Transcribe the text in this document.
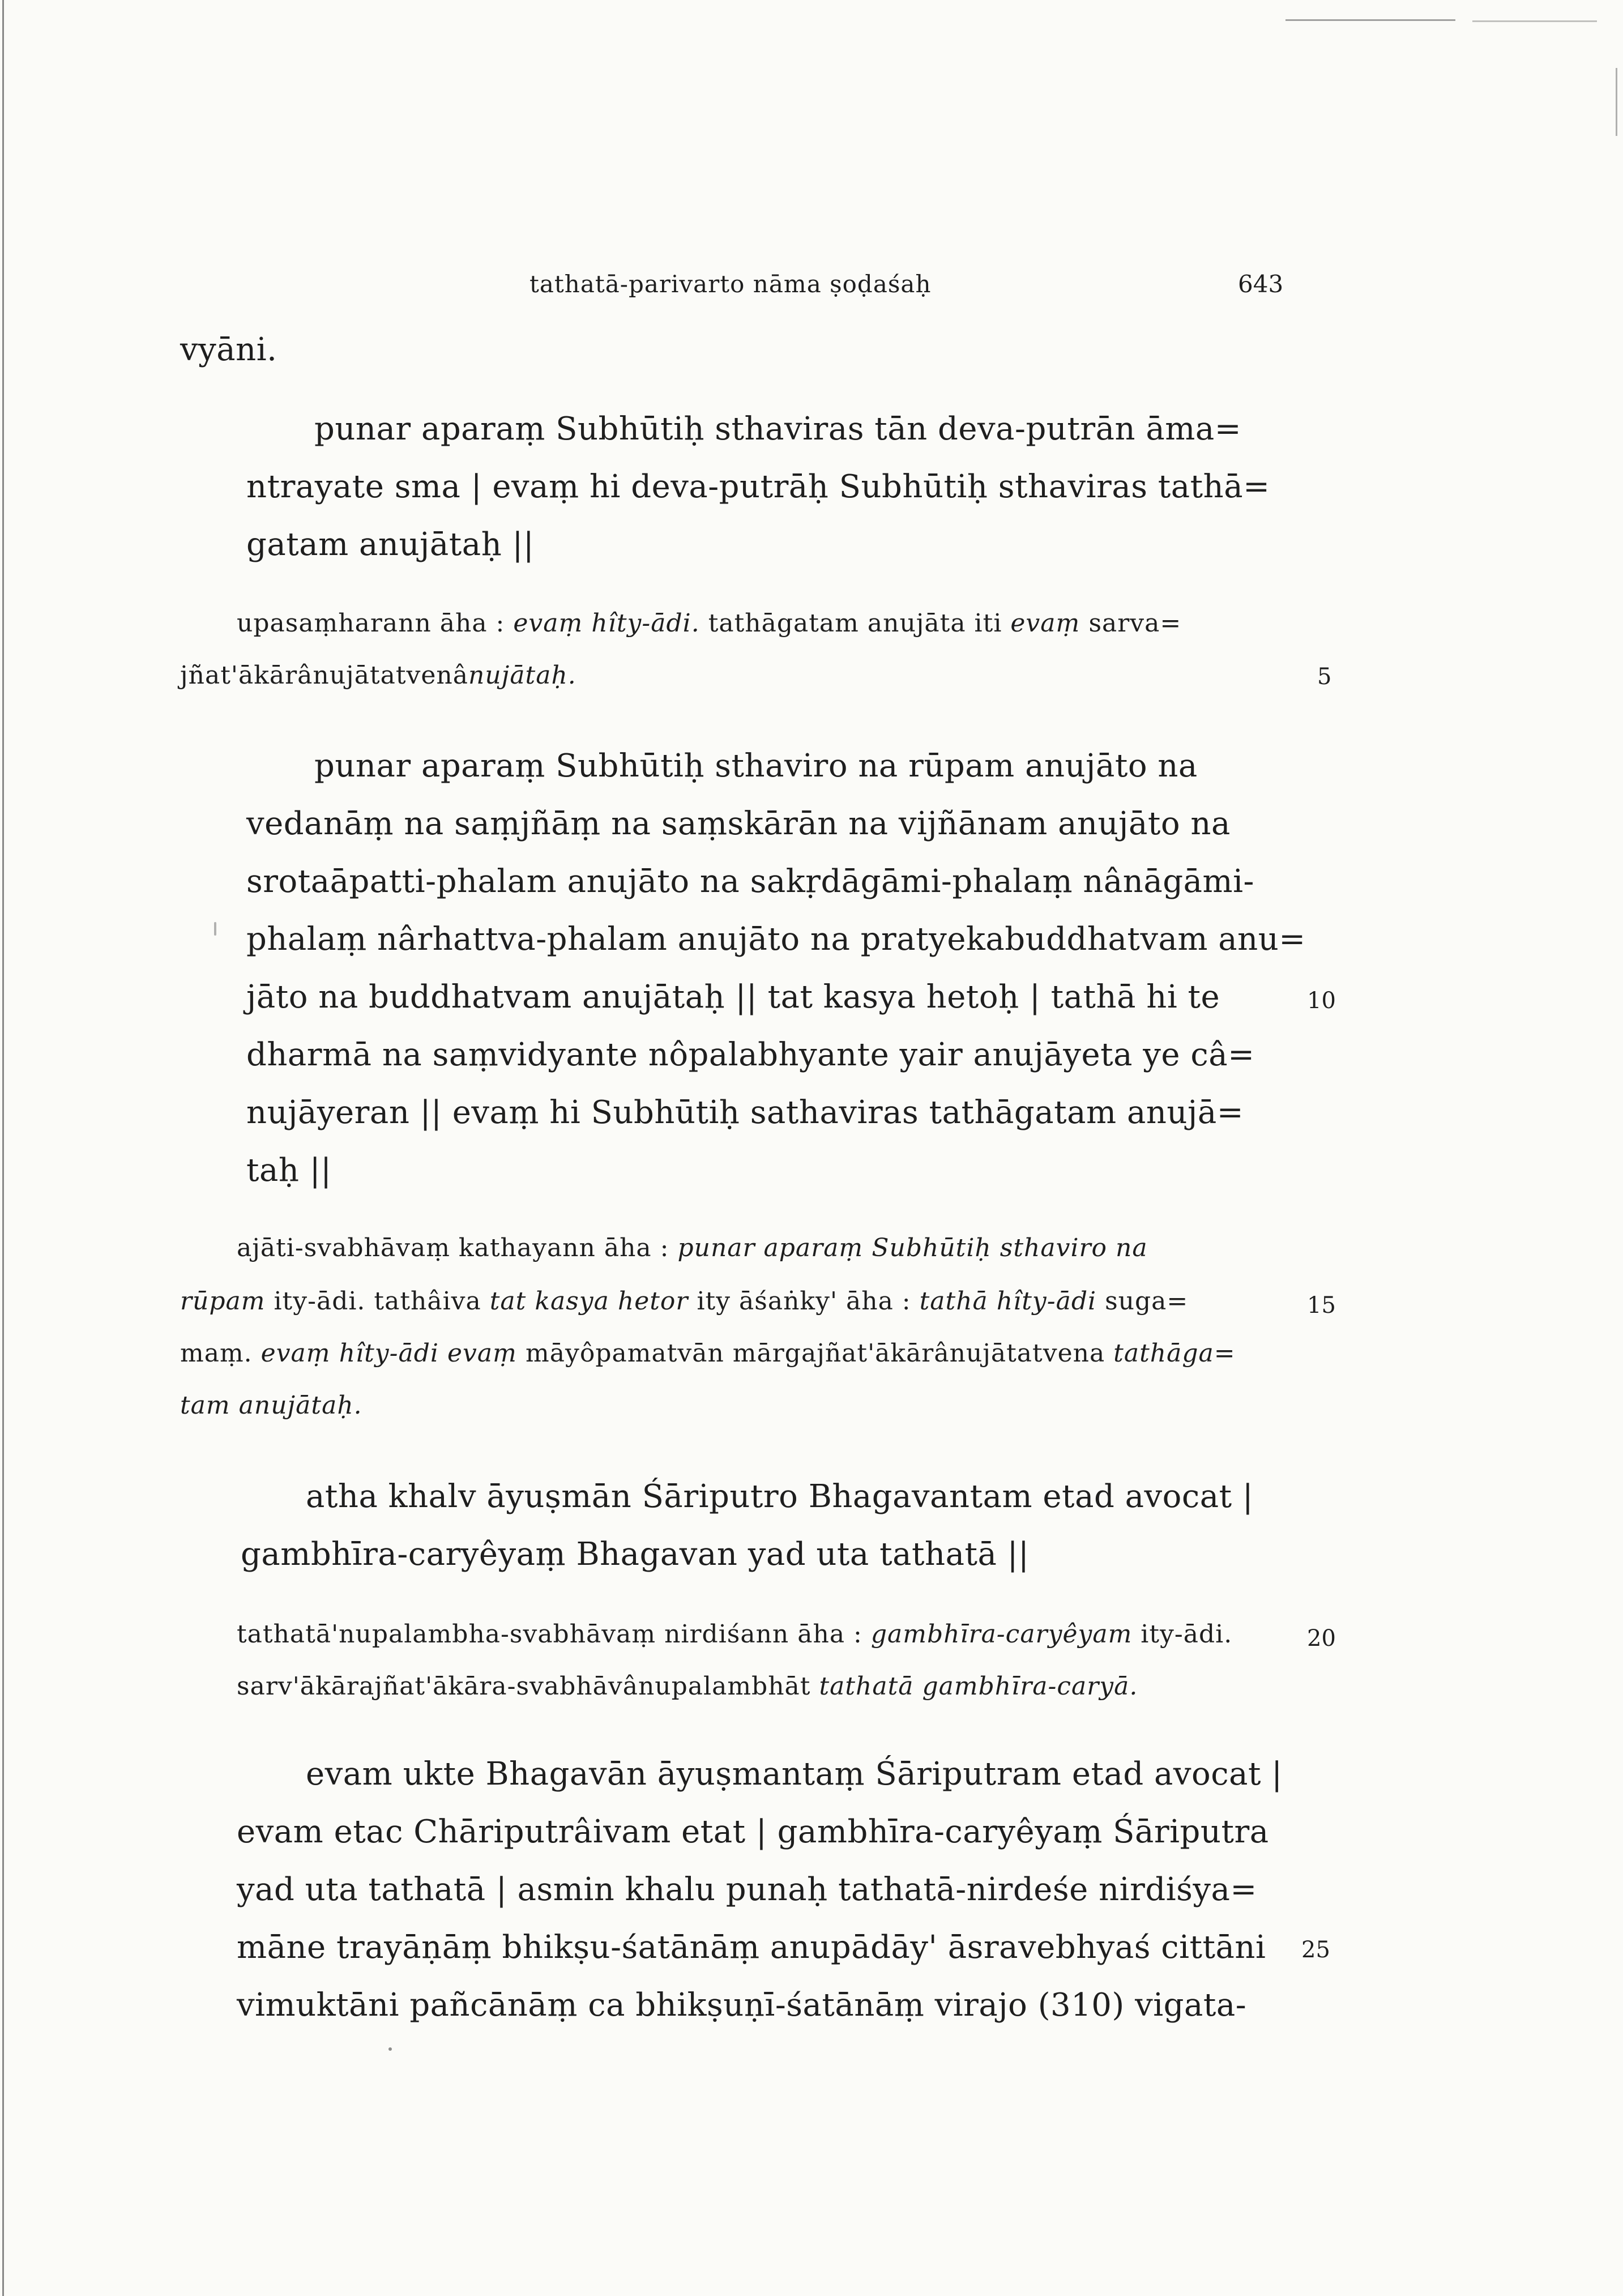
tathatā-parivarto nāma ṣoḍaśaḥ	643
vyāni.
punar aparaṃ Subhūtiḥ sthaviras tān deva-putrān āma=
ntrayate sma | evaṃ hi deva-putrāḥ Subhūtiḥ sthaviras tathā=
gatam anujātaḥ ||
upasaṃharann āha : evaṃ hîty-ādi. tathāgatam anujāta iti evaṃ sarva=
jñat'ākārânujātatvenânujātaḥ.	5
punar aparaṃ Subhūtiḥ sthaviro na rūpam anujāto na
vedanāṃ na saṃjñāṃ na saṃskārān na vijñānam anujāto na
srotaāpatti-phalam anujāto na sakṛdāgāmi-phalaṃ nânāgāmi-
phalaṃ nârhattva-phalam anujāto na pratyekabuddhatvam anu=
jāto na buddhatvam anujātaḥ || tat kasya hetoḥ | tathā hi te	10
dharmā na saṃvidyante nôpalabhyante yair anujāyeta ye câ=
nujāyeran || evaṃ hi Subhūtiḥ sathaviras tathāgatam anujā=
taḥ ||
ajāti-svabhāvaṃ kathayann āha : punar aparaṃ Subhūtiḥ sthaviro na
rūpam ity-ādi. tathâiva tat kasya hetor ity āśaṅky' āha : tathā hîty-ādi suga=	15
maṃ. evaṃ hîty-ādi evaṃ māyôpamatvān mārgajñat'ākārânujātatvena tathāga=
tam anujātaḥ.
atha khalv āyuṣmān Śāriputro Bhagavantam etad avocat |
gambhīra-caryêyaṃ Bhagavan yad uta tathatā ||
tathatā'nupalambha-svabhāvaṃ nirdiśann āha : gambhīra-caryêyam ity-ādi.	20
sarv'ākārajñat'ākāra-svabhāvânupalambhāt tathatā gambhīra-caryā.
evam ukte Bhagavān āyuṣmantaṃ Śāriputram etad avocat |
evam etac Chāriputrâivam etat | gambhīra-caryêyaṃ Śāriputra
yad uta tathatā | asmin khalu punaḥ tathatā-nirdeśe nirdiśya=
māne trayāṇāṃ bhikṣu-śatānāṃ anupādāy' āsravebhyaś cittāni 25
vimuktāni pañcānāṃ ca bhikṣuṇī-śatānāṃ virajo (310) vigata-
